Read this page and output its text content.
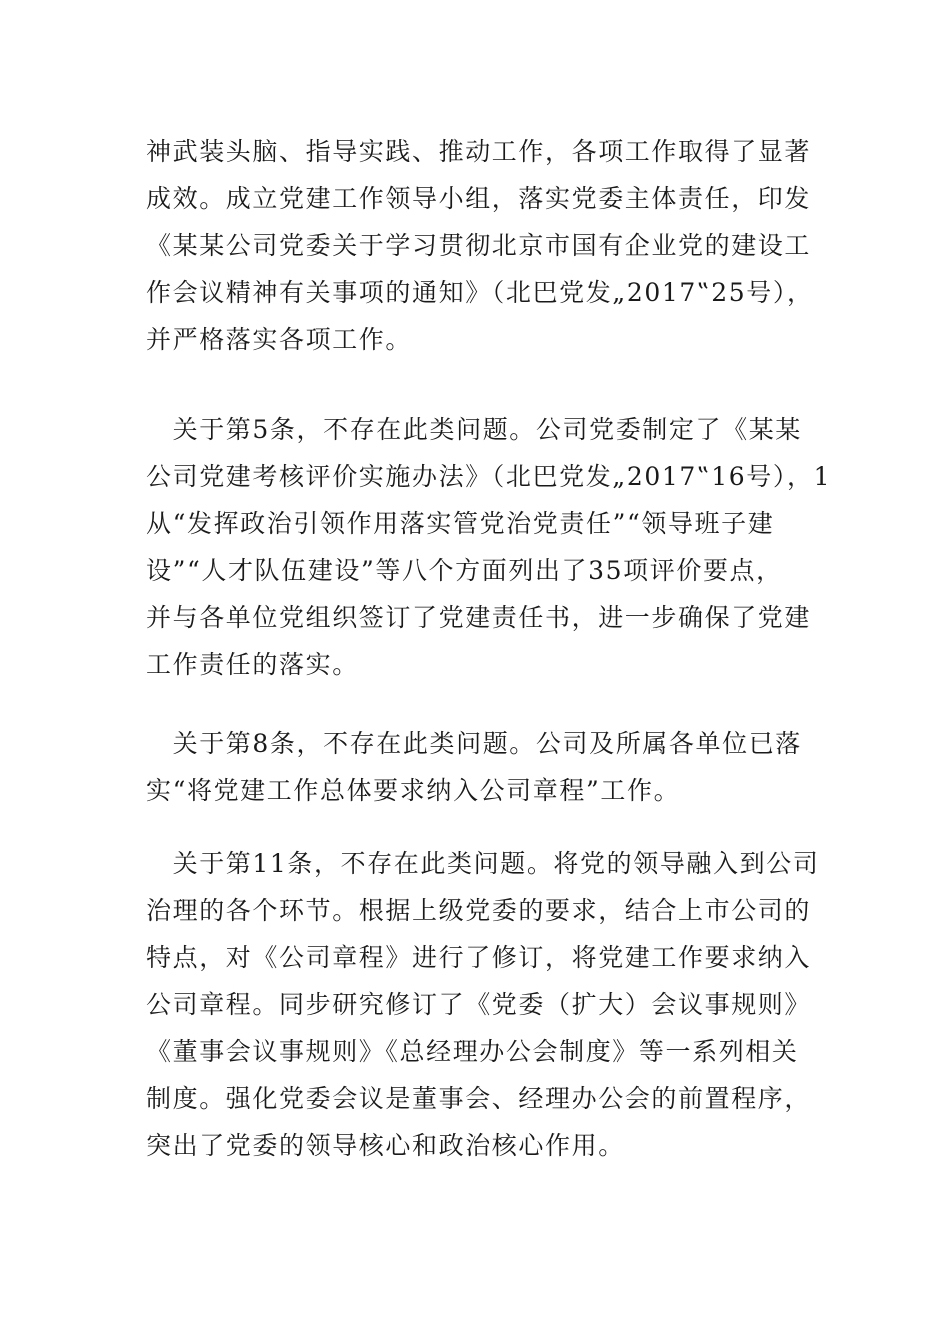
神武装头脑、指导实践、推动工作，各项工作取得了显著
成效。成立党建工作领导小组，落实党委主体责任，印发
《某某公司党委关于学习贯彻北京市国有企业党的建设工
作会议精神有关事项的通知》（北巴党发„2017‟25号），
并严格落实各项工作。
　关于第5条，不存在此类问题。公司党委制定了《某某
公司党建考核评价实施办法》（北巴党发„2017‟16号），1
从“发挥政治引领作用落实管党治党责任”“领导班子建
设”“人才队伍建设”等八个方面列出了35项评价要点，
并与各单位党组织签订了党建责任书，进一步确保了党建
工作责任的落实。
　关于第8条，不存在此类问题。公司及所属各单位已落
实“将党建工作总体要求纳入公司章程”工作。
　关于第11条，不存在此类问题。将党的领导融入到公司
治理的各个环节。根据上级党委的要求，结合上市公司的
特点，对《公司章程》进行了修订，将党建工作要求纳入
公司章程。同步研究修订了《党委（扩大）会议事规则》
《董事会议事规则》《总经理办公会制度》等一系列相关
制度。强化党委会议是董事会、经理办公会的前置程序，
突出了党委的领导核心和政治核心作用。
